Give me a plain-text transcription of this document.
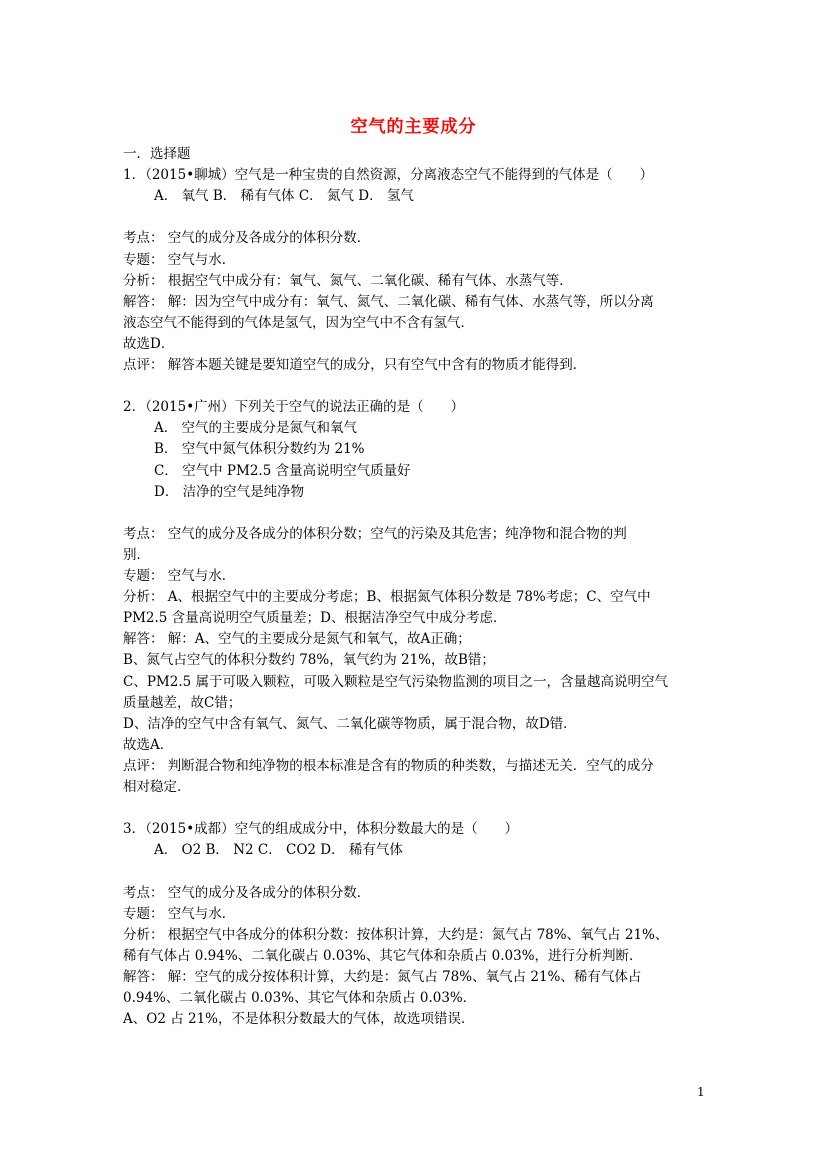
空气的主要成分
一．选择题
1．（2015•聊城）空气是一种宝贵的自然资源，分离液态空气不能得到的气体是（　　）
A． 氧气 B． 稀有气体 C． 氮气 D． 氢气
考点： 空气的成分及各成分的体积分数．
专题： 空气与水．
分析： 根据空气中成分有：氧气、氮气、二氧化碳、稀有气体、水蒸气等．
解答： 解：因为空气中成分有：氧气、氮气、二氧化碳、稀有气体、水蒸气等，所以分离
液态空气不能得到的气体是氢气，因为空气中不含有氢气．
故选D．
点评： 解答本题关键是要知道空气的成分，只有空气中含有的物质才能得到．
2．（2015•广州）下列关于空气的说法正确的是（　　）
A． 空气的主要成分是氮气和氧气
B． 空气中氮气体积分数约为 21%
C． 空气中 PM2.5 含量高说明空气质量好
D． 洁净的空气是纯净物
考点： 空气的成分及各成分的体积分数；空气的污染及其危害；纯净物和混合物的判
别．
专题： 空气与水．
分析： A、根据空气中的主要成分考虑；B、根据氮气体积分数是 78%考虑；C、空气中
PM2.5 含量高说明空气质量差；D、根据洁净空气中成分考虑．
解答： 解：A、空气的主要成分是氮气和氧气，故A正确；
B、氮气占空气的体积分数约 78%，氧气约为 21%，故B错；
C、PM2.5 属于可吸入颗粒，可吸入颗粒是空气污染物监测的项目之一，含量越高说明空气
质量越差，故C错；
D、洁净的空气中含有氧气、氮气、二氧化碳等物质，属于混合物，故D错．
故选A．
点评： 判断混合物和纯净物的根本标准是含有的物质的种类数，与描述无关．空气的成分
相对稳定．
3．（2015•成都）空气的组成成分中，体积分数最大的是（　　）
A． O2 B． N2 C． CO2 D． 稀有气体
考点： 空气的成分及各成分的体积分数．
专题： 空气与水．
分析： 根据空气中各成分的体积分数：按体积计算，大约是：氮气占 78%、氧气占 21%、
稀有气体占 0.94%、二氧化碳占 0.03%、其它气体和杂质占 0.03%，进行分析判断．
解答： 解：空气的成分按体积计算，大约是：氮气占 78%、氧气占 21%、稀有气体占
0.94%、二氧化碳占 0.03%、其它气体和杂质占 0.03%．
A、O2 占 21%，不是体积分数最大的气体，故选项错误．
1
